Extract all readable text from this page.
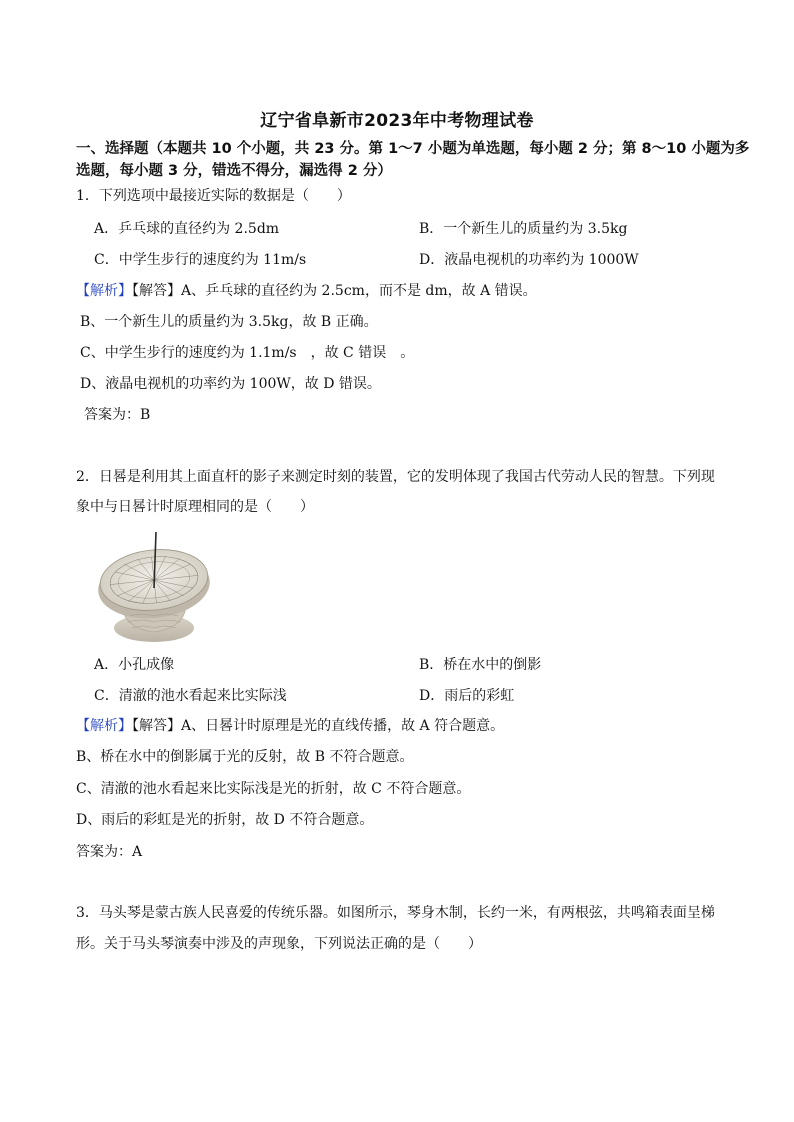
辽宁省阜新市2023年中考物理试卷
一、选择题（本题共 10 个小题，共 23 分。第 1～7 小题为单选题，每小题 2 分；第 8～10 小题为多选题，每小题 3 分，错选不得分，漏选得 2 分）
1．下列选项中最接近实际的数据是（　　）
A．乒乓球的直径约为 2.5dm	B．一个新生儿的质量约为 3.5kg
C．中学生步行的速度约为 11m/s	D．液晶电视机的功率约为 1000W
【解析】【解答】A、乒乓球的直径约为 2.5cm，而不是 dm，故 A 错误。
B、一个新生儿的质量约为 3.5kg，故 B 正确。
C、中学生步行的速度约为 1.1m/s　，故 C 错误　。
D、液晶电视机的功率约为 100W，故 D 错误。
答案为：B
2．日晷是利用其上面直杆的影子来测定时刻的装置，它的发明体现了我国古代劳动人民的智慧。下列现
象中与日晷计时原理相同的是（　　）
A．小孔成像	B．桥在水中的倒影
C．清澈的池水看起来比实际浅	D．雨后的彩虹
【解析】【解答】A、日晷计时原理是光的直线传播，故 A 符合题意。
B、桥在水中的倒影属于光的反射，故 B 不符合题意。
C、清澈的池水看起来比实际浅是光的折射，故 C 不符合题意。
D、雨后的彩虹是光的折射，故 D 不符合题意。
答案为：A
3．马头琴是蒙古族人民喜爱的传统乐器。如图所示，琴身木制，长约一米，有两根弦，共鸣箱表面呈梯
形。关于马头琴演奏中涉及的声现象，下列说法正确的是（　　）
